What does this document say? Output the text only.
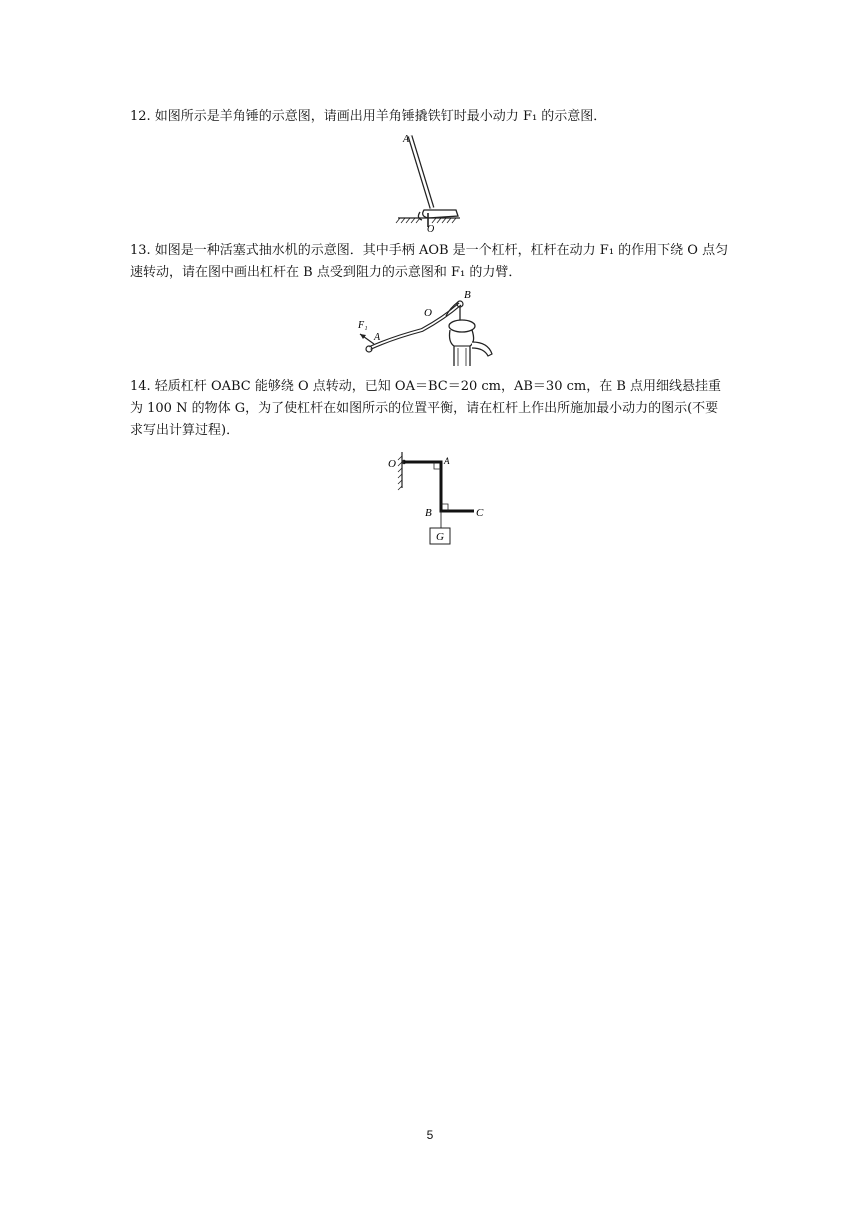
12. 如图所示是羊角锤的示意图，请画出用羊角锤撬铁钉时最小动力 F₁ 的示意图．
A
O
13. 如图是一种活塞式抽水机的示意图．其中手柄 AOB 是一个杠杆，杠杆在动力 F₁ 的作用下绕 O 点匀速转动，请在图中画出杠杆在 B 点受到阻力的示意图和 F₁ 的力臂．
B
O
F₁
A
14. 轻质杠杆 OABC 能够绕 O 点转动，已知 OA＝BC＝20 cm，AB＝30 cm，在 B 点用细线悬挂重为 100 N 的物体 G，为了使杠杆在如图所示的位置平衡，请在杠杆上作出所施加最小动力的图示(不要求写出计算过程)．
O	A
B	C
G
5
